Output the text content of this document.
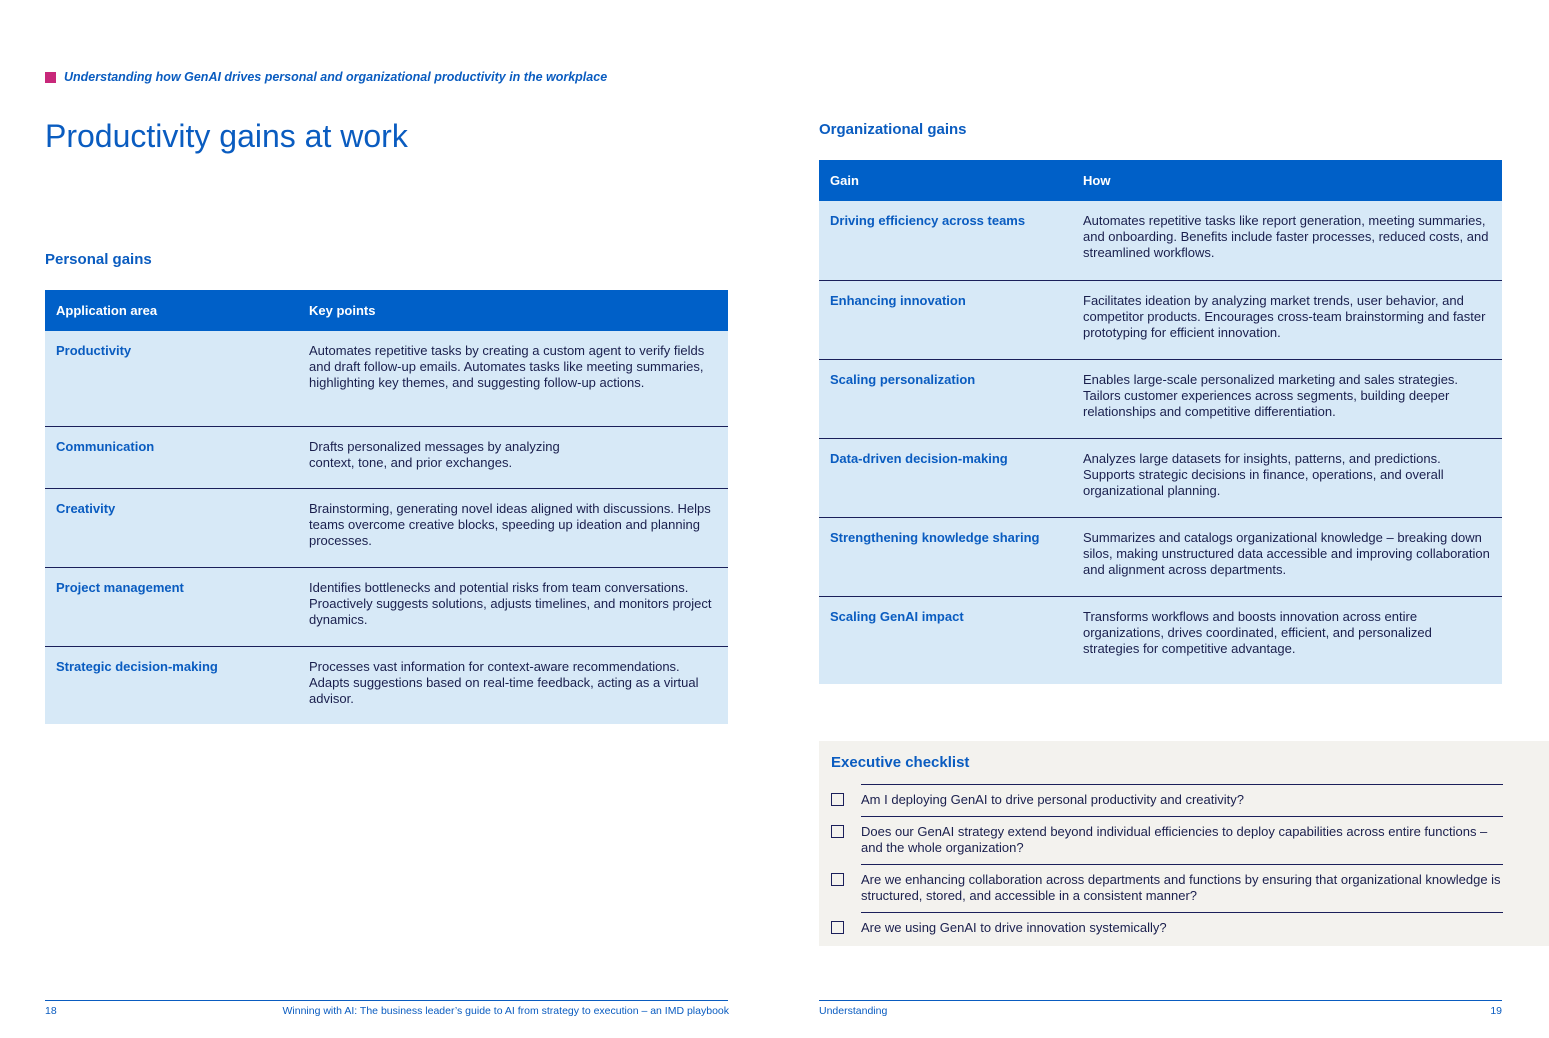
Understanding how GenAI drives personal and organizational productivity in the workplace
Productivity gains at work
Personal gains
Application area	Key points
Productivity	Automates repetitive tasks by creating a custom agent to verify fields and draft follow-up emails. Automates tasks like meeting summaries, highlighting key themes, and suggesting follow-up actions.
Communication	Drafts personalized messages by analyzing context, tone, and prior exchanges.
Creativity	Brainstorming, generating novel ideas aligned with discussions. Helps teams overcome creative blocks, speeding up ideation and planning processes.
Project management	Identifies bottlenecks and potential risks from team conversations. Proactively suggests solutions, adjusts timelines, and monitors project dynamics.
Strategic decision-making	Processes vast information for context-aware recommendations. Adapts suggestions based on real-time feedback, acting as a virtual advisor.
Organizational gains
Gain	How
Driving efficiency across teams	Automates repetitive tasks like report generation, meeting summaries, and onboarding. Benefits include faster processes, reduced costs, and streamlined workflows.
Enhancing innovation	Facilitates ideation by analyzing market trends, user behavior, and competitor products. Encourages cross-team brainstorming and faster prototyping for efficient innovation.
Scaling personalization	Enables large-scale personalized marketing and sales strategies. Tailors customer experiences across segments, building deeper relationships and competitive differentiation.
Data-driven decision-making	Analyzes large datasets for insights, patterns, and predictions. Supports strategic decisions in finance, operations, and overall organizational planning.
Strengthening knowledge sharing	Summarizes and catalogs organizational knowledge – breaking down silos, making unstructured data accessible and improving collaboration and alignment across departments.
Scaling GenAI impact	Transforms workflows and boosts innovation across entire organizations, drives coordinated, efficient, and personalized strategies for competitive advantage.
Executive checklist
Am I deploying GenAI to drive personal productivity and creativity?
Does our GenAI strategy extend beyond individual efficiencies to deploy capabilities across entire functions – and the whole organization?
Are we enhancing collaboration across departments and functions by ensuring that organizational knowledge is structured, stored, and accessible in a consistent manner?
Are we using GenAI to drive innovation systemically?
18	Winning with AI: The business leader’s guide to AI from strategy to execution – an IMD playbook	Understanding	19
